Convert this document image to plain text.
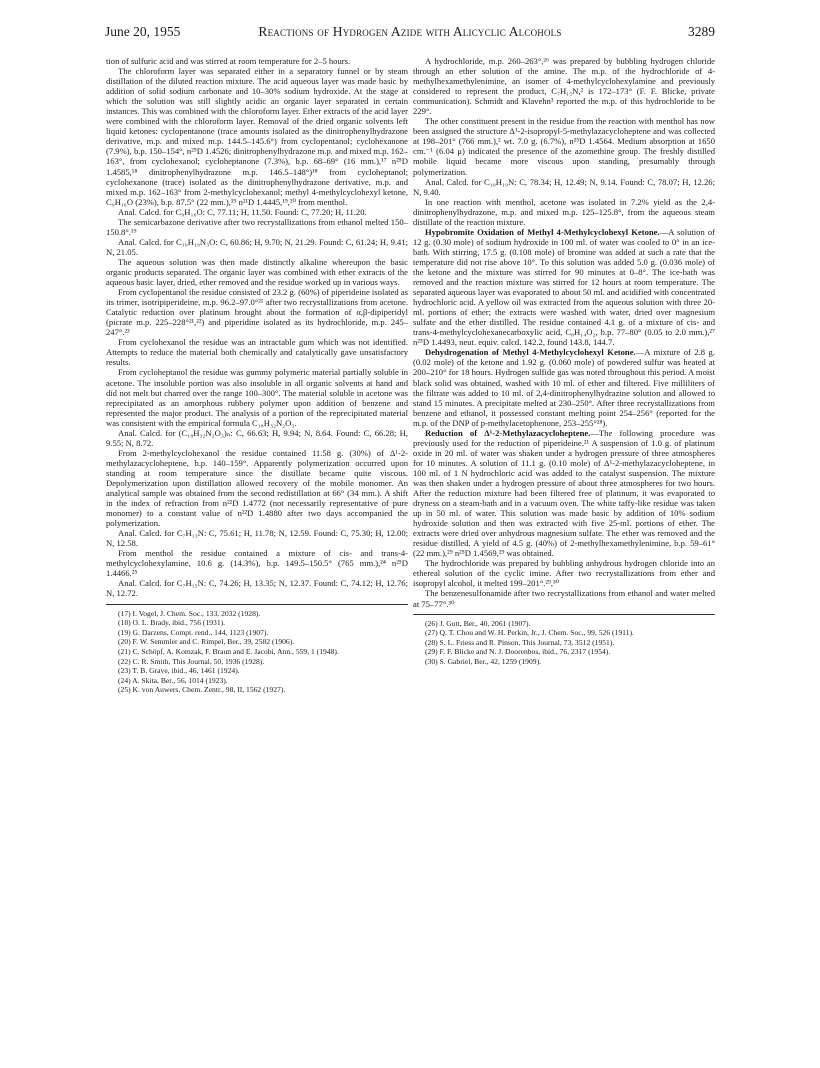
June 20, 1955	Reactions of Hydrogen Azide with Alicyclic Alcohols	3289

tion of sulfuric acid and was stirred at room temperature for 2–5 hours.

The chloroform layer was separated either in a separatory funnel or by steam distillation of the diluted reaction mixture. The acid aqueous layer was made basic by addition of solid sodium carbonate and 10–30% sodium hydroxide. At the stage at which the solution was still slightly acidic an organic layer separated in certain instances. This was combined with the chloroform layer. Ether extracts of the acid layer were combined with the chloroform layer. Removal of the dried organic solvents left liquid ketones: cyclopentanone (trace amounts isolated as the dinitrophenylhydrazone derivative, m.p. and mixed m.p. 144.5–145.6°) from cyclopentanol; cyclohexanone (7.9%), b.p. 150–154°, n²⁵D 1.4526; dinitrophenylhydrazone m.p. and mixed m.p. 162–163°, from cyclohexanol; cycloheptanone (7.3%), b.p. 68–69° (16 mm.),¹⁷ n²⁵D 1.4585,¹⁸ dinitrophenylhydrazone m.p. 146.5–148°)¹⁸ from cycloheptanol; cyclohexanone (trace) isolated as the dinitrophenylhydrazone derivative, m.p. and mixed m.p. 162–163° from 2-methylcyclohexanol; methyl 4-methylcyclohexyl ketone, C₉H₁₆O (23%), b.p. 87.5° (22 mm.),¹⁹ n²¹D 1.4445,¹⁹,²⁰ from menthol.

Anal. Calcd. for C₉H₁₆O: C, 77.11; H, 11.50. Found: C, 77.20; H, 11.20.

The semicarbazone derivative after two recrystallizations from ethanol melted 150–150.8°.¹⁹

Anal. Calcd. for C₁₀H₁₉N₃O: C, 60.86; H, 9.70; N, 21.29. Found: C, 61.24; H, 9.41; N, 21.05.

The aqueous solution was then made distinctly alkaline whereupon the basic organic products separated. The organic layer was combined with ether extracts of the aqueous basic layer, dried, ether removed and the residue worked up in various ways.

From cyclopentanol the residue consisted of 23.2 g. (60%) of piperideine isolated as its trimer, isotripiperideine, m.p. 96.2–97.0°²¹ after two recrystallizations from acetone. Catalytic reduction over platinum brought about the formation of α,β-dipiperidyl (picrate m.p. 225–228°²¹,²²) and piperidine isolated as its hydrochloride, m.p. 245–247°.²³

From cyclohexanol the residue was an intractable gum which was not identified. Attempts to reduce the material both chemically and catalytically gave unsatisfactory results.

From cycloheptanol the residue was gummy polymeric material partially soluble in acetone. The insoluble portion was also insoluble in all organic solvents at hand and did not melt but charred over the range 100–300°. The material soluble in acetone was reprecipitated as an amorphous rubbery polymer upon addition of benzene and represented the major product. The analysis of a portion of the reprecipitated material was consistent with the empirical formula C₁₈H₃₂N₂O₃.

Anal. Calcd. for (C₁₈H₃₂N₂O₃)ₙ: C, 66.63; H, 9.94; N, 8.64. Found: C, 66.28; H, 9.55; N, 8.72.

From 2-methylcyclohexanol the residue contained 11.58 g. (30%) of Δ¹-2-methylazacycloheptene, b.p. 140–159°. Apparently polymerization occurred upon standing at room temperature since the distillate became quite viscous. Depolymerization upon distillation allowed recovery of the mobile monomer. An analytical sample was obtained from the second redistillation at 66° (34 mm.). A shift in the index of refraction from n²²D 1.4772 (not necessarily representative of pure monomer) to a constant value of n²²D 1.4880 after two days accompanied the polymerization.

Anal. Calcd. for C₇H₁₃N: C, 75.61; H, 11.78; N, 12.59. Found: C, 75.30; H, 12.00; N, 12.58.

From menthol the residue contained a mixture of cis- and trans-4-methylcyclohexylamine, 10.6 g. (14.3%), b.p. 149.5–150.5° (765 mm.),²⁴ n²⁵D 1.4466.²⁵

Anal. Calcd. for C₇H₁₅N: C, 74.26; H, 13.35; N, 12.37. Found: C, 74.12; H, 12.76; N, 12.72.

(17) I. Vogel, J. Chem. Soc., 133, 2032 (1928).
(18) O. L. Brady, ibid., 756 (1931).
(19) G. Darzens, Compt. rend., 144, 1123 (1907).
(20) F. W. Semmler and C. Rimpel, Ber., 39, 2582 (1906).
(21) C. Schöpf, A. Komzak, F. Braun and E. Jacobi, Ann., 559, 1 (1948).
(22) C. R. Smith, This Journal, 50, 1936 (1928).
(23) T. B. Grave, ibid., 46, 1461 (1924).
(24) A. Skita, Ber., 56, 1014 (1923).
(25) K. von Auwers, Chem. Zentr., 98, II, 1562 (1927).

A hydrochloride, m.p. 260–263°,²⁶ was prepared by bubbling hydrogen chloride through an ether solution of the amine. The m.p. of the hydrochloride of 4-methylhexamethylenimine, an isomer of 4-methylcyclohexylamine and previously considered to represent the product, C₇H₁₅N,² is 172–173° (F. F. Blicke, private communication). Schmidt and Klavehn³ reported the m.p. of this hydrochloride to be 229°.

The other constituent present in the residue from the reaction with menthol has now been assigned the structure Δ¹-2-isopropyl-5-methylazacycloheptene and was collected at 198–201° (766 mm.),² wt. 7.0 g. (6.7%), n²⁵D 1.4564. Medium absorption at 1650 cm.⁻¹ (6.04 μ) indicated the presence of the azomethine group. The freshly distilled mobile liquid became more viscous upon standing, presumably through polymerization.

Anal. Calcd. for C₁₀H₁₉N: C, 78.34; H, 12.49; N, 9.14. Found: C, 78.07; H, 12.26; N, 9.40.

In one reaction with menthol, acetone was isolated in 7.2% yield as the 2,4-dinitrophenylhydrazone, m.p. and mixed m.p. 125–125.8°, from the aqueous steam distillate of the reaction mixture.

Hypobromite Oxidation of Methyl 4-Methylcyclohexyl Ketone.—A solution of 12 g. (0.30 mole) of sodium hydroxide in 100 ml. of water was cooled to 0° in an ice-bath. With stirring, 17.5 g. (0.108 mole) of bromine was added at such a rate that the temperature did not rise above 10°. To this solution was added 5.0 g. (0.036 mole) of the ketone and the mixture was stirred for 90 minutes at 0–8°. The ice-bath was removed and the reaction mixture was stirred for 12 hours at room temperature. The separated aqueous layer was evaporated to about 50 ml. and acidified with concentrated hydrochloric acid. A yellow oil was extracted from the aqueous solution with three 20-ml. portions of ether; the extracts were washed with water, dried over magnesium sulfate and the ether distilled. The residue contained 4.1 g. of a mixture of cis- and trans-4-methylcyclohexanecarboxylic acid, C₈H₁₄O₂, b.p. 77–80° (0.05 to 2.0 mm.),²⁷ n²⁵D 1.4493, neut. equiv. calcd. 142.2, found 143.8, 144.7.

Dehydrogenation of Methyl 4-Methylcyclohexyl Ketone.—A mixture of 2.8 g. (0.02 mole) of the ketone and 1.92 g. (0.060 mole) of powdered sulfur was heated at 200–210° for 18 hours. Hydrogen sulfide gas was noted throughout this period. A moist black solid was obtained, washed with 10 ml. of ether and filtered. Five milliliters of the filtrate was added to 10 ml. of 2,4-dinitrophenylhydrazine solution and allowed to stand 15 minutes. A precipitate melted at 230–250°. After three recrystallizations from benzene and ethanol, it possessed constant melting point 254–256° (reported for the m.p. of the DNP of p-methylacetophenone, 253–255°²⁸).

Reduction of Δ¹-2-Methylazacycloheptene.—The following procedure was previously used for the reduction of piperideine.²¹ A suspension of 1.0 g. of platinum oxide in 20 ml. of water was shaken under a hydrogen pressure of three atmospheres for 10 minutes. A solution of 11.1 g. (0.10 mole) of Δ¹-2-methylazacycloheptene, in 100 ml. of 1 N hydrochloric acid was added to the catalyst suspension. The mixture was then shaken under a hydrogen pressure of about three atmospheres for two hours. After the reduction mixture had been filtered free of platinum, it was evaporated to dryness on a steam-bath and in a vacuum oven. The white taffy-like residue was taken up in 50 ml. of water. This solution was made basic by addition of 10% sodium hydroxide solution and then was extracted with five 25-ml. portions of ether. The extracts were dried over anhydrous magnesium sulfate. The ether was removed and the residue distilled. A yield of 4.5 g. (40%) of 2-methylhexamethylenimine, b.p. 59–61° (22 mm.),²⁹ n²⁵D 1.4569,²⁹ was obtained.

The hydrochloride was prepared by bubbling anhydrous hydrogen chloride into an ethereal solution of the cyclic imine. After two recrystallizations from ether and isopropyl alcohol, it melted 199–201°.²⁹,³⁰

The benzenesulfonamide after two recrystallizations from ethanol and water melted at 75–77°.³⁰

(26) J. Gutt, Ber., 40, 2061 (1907).
(27) Q. T. Chou and W. H. Perkin, Jr., J. Chem. Soc., 99, 526 (1911).
(28) S. L. Friess and R. Pinson, This Journal, 73, 3512 (1951).
(29) F. F. Blicke and N. J. Doorenbos, ibid., 76, 2317 (1954).
(30) S. Gabriel, Ber., 42, 1259 (1909).
